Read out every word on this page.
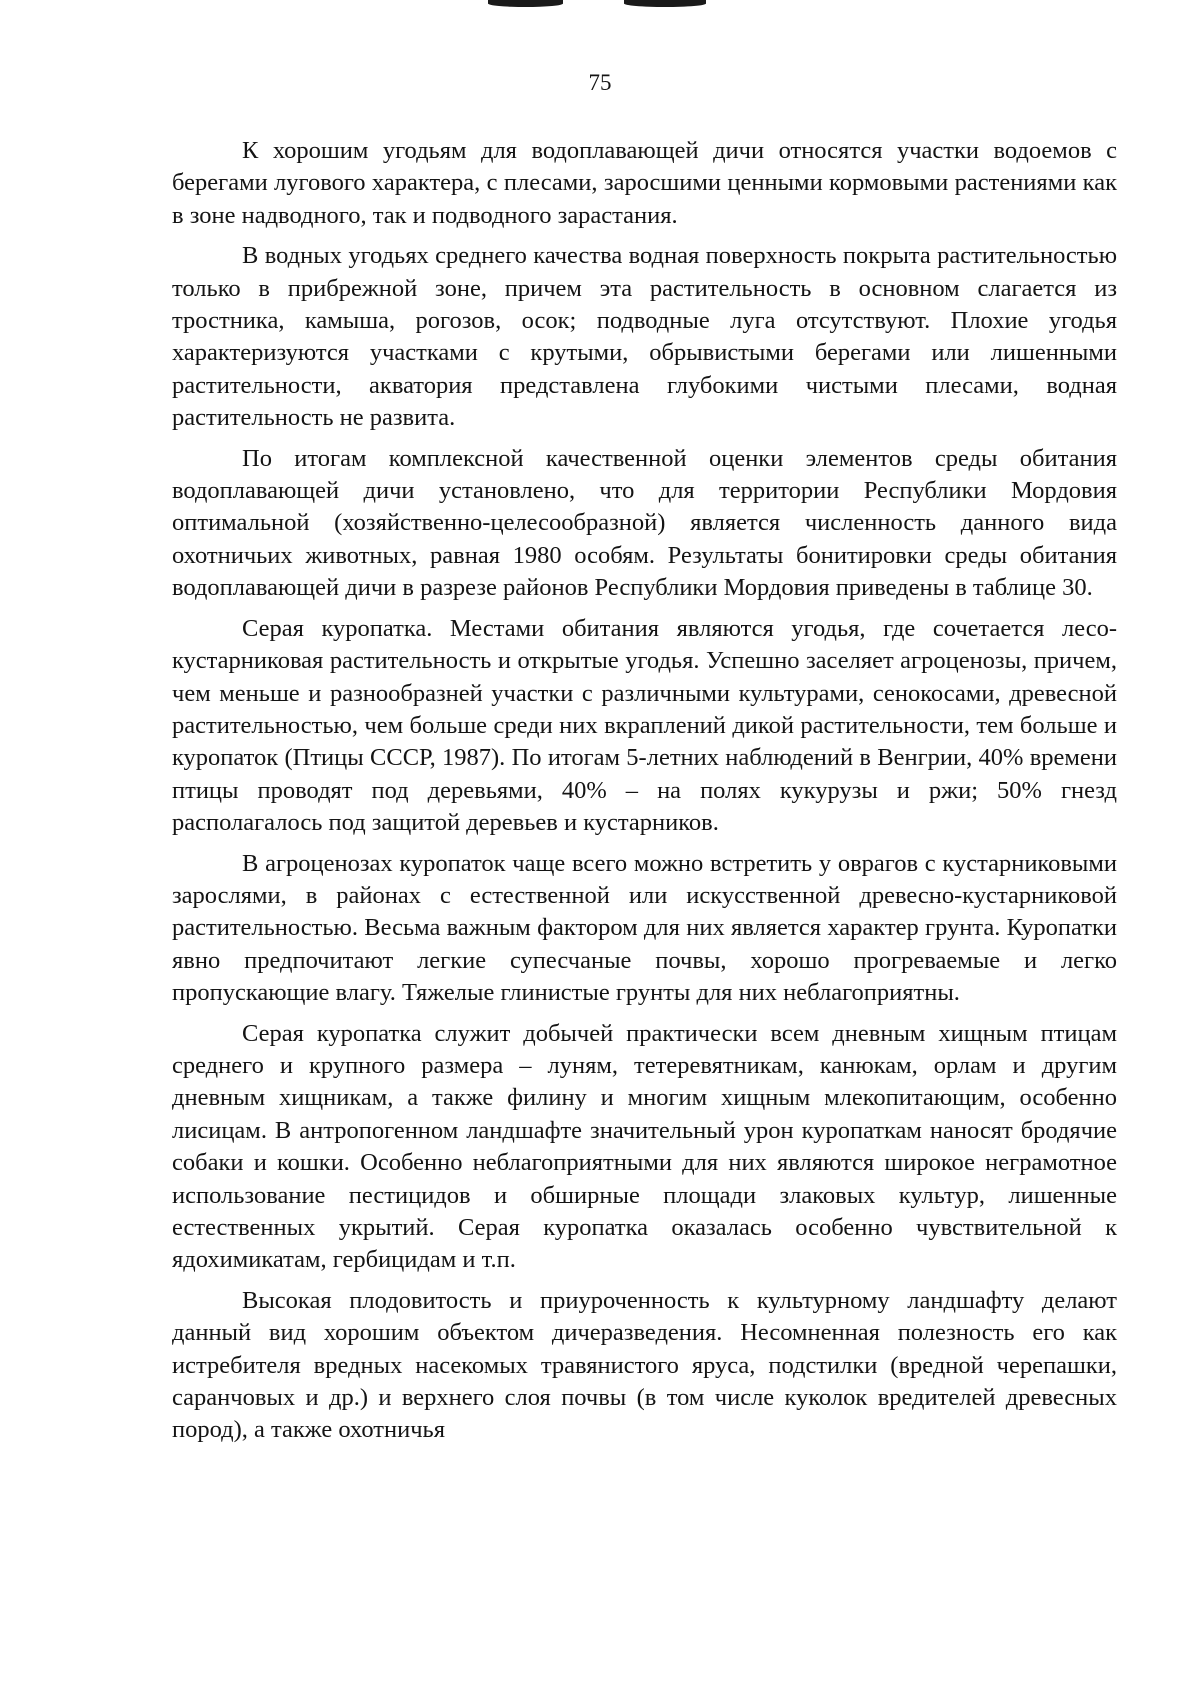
75

К хорошим угодьям для водоплавающей дичи относятся участки водоемов с берегами лугового характера, с плесами, заросшими ценными кормовыми растениями как в зоне надводного, так и подводного зарастания.

В водных угодьях среднего качества водная поверхность покрыта растительностью только в прибрежной зоне, причем эта растительность в основном слагается из тростника, камыша, рогозов, осок; подводные луга отсутствуют. Плохие угодья характеризуются участками с крутыми, обрывистыми берегами или лишенными растительности, акватория представлена глубокими чистыми плесами, водная растительность не развита.

По итогам комплексной качественной оценки элементов среды обитания водоплавающей дичи установлено, что для территории Республики Мордовия оптимальной (хозяйственно-целесообразной) является численность данного вида охотничьих животных, равная 1980 особям. Результаты бонитировки среды обитания водоплавающей дичи в разрезе районов Республики Мордовия приведены в таблице 30.

Серая куропатка. Местами обитания являются угодья, где сочетается лесо-кустарниковая растительность и открытые угодья. Успешно заселяет агроценозы, причем, чем меньше и разнообразней участки с различными культурами, сенокосами, древесной растительностью, чем больше среди них вкраплений дикой растительности, тем больше и куропаток (Птицы СССР, 1987). По итогам 5-летних наблюдений в Венгрии, 40% времени птицы проводят под деревьями, 40% – на полях кукурузы и ржи; 50% гнезд располагалось под защитой деревьев и кустарников.

В агроценозах куропаток чаще всего можно встретить у оврагов с кустарниковыми зарослями, в районах с естественной или искусственной древесно-кустарниковой растительностью. Весьма важным фактором для них является характер грунта. Куропатки явно предпочитают легкие супесчаные почвы, хорошо прогреваемые и легко пропускающие влагу. Тяжелые глинистые грунты для них неблагоприятны.

Серая куропатка служит добычей практически всем дневным хищным птицам среднего и крупного размера – луням, тетеревятникам, канюкам, орлам и другим дневным хищникам, а также филину и многим хищным млекопитающим, особенно лисицам. В антропогенном ландшафте значительный урон куропаткам наносят бродячие собаки и кошки. Особенно неблагоприятными для них являются широкое неграмотное использование пестицидов и обширные площади злаковых культур, лишенные естественных укрытий. Серая куропатка оказалась особенно чувствительной к ядохимикатам, гербицидам и т.п.

Высокая плодовитость и приуроченность к культурному ландшафту делают данный вид хорошим объектом дичеразведения. Несомненная полезность его как истребителя вредных насекомых травянистого яруса, подстилки (вредной черепашки, саранчовых и др.) и верхнего слоя почвы (в том числе куколок вредителей древесных пород), а также охотничья
